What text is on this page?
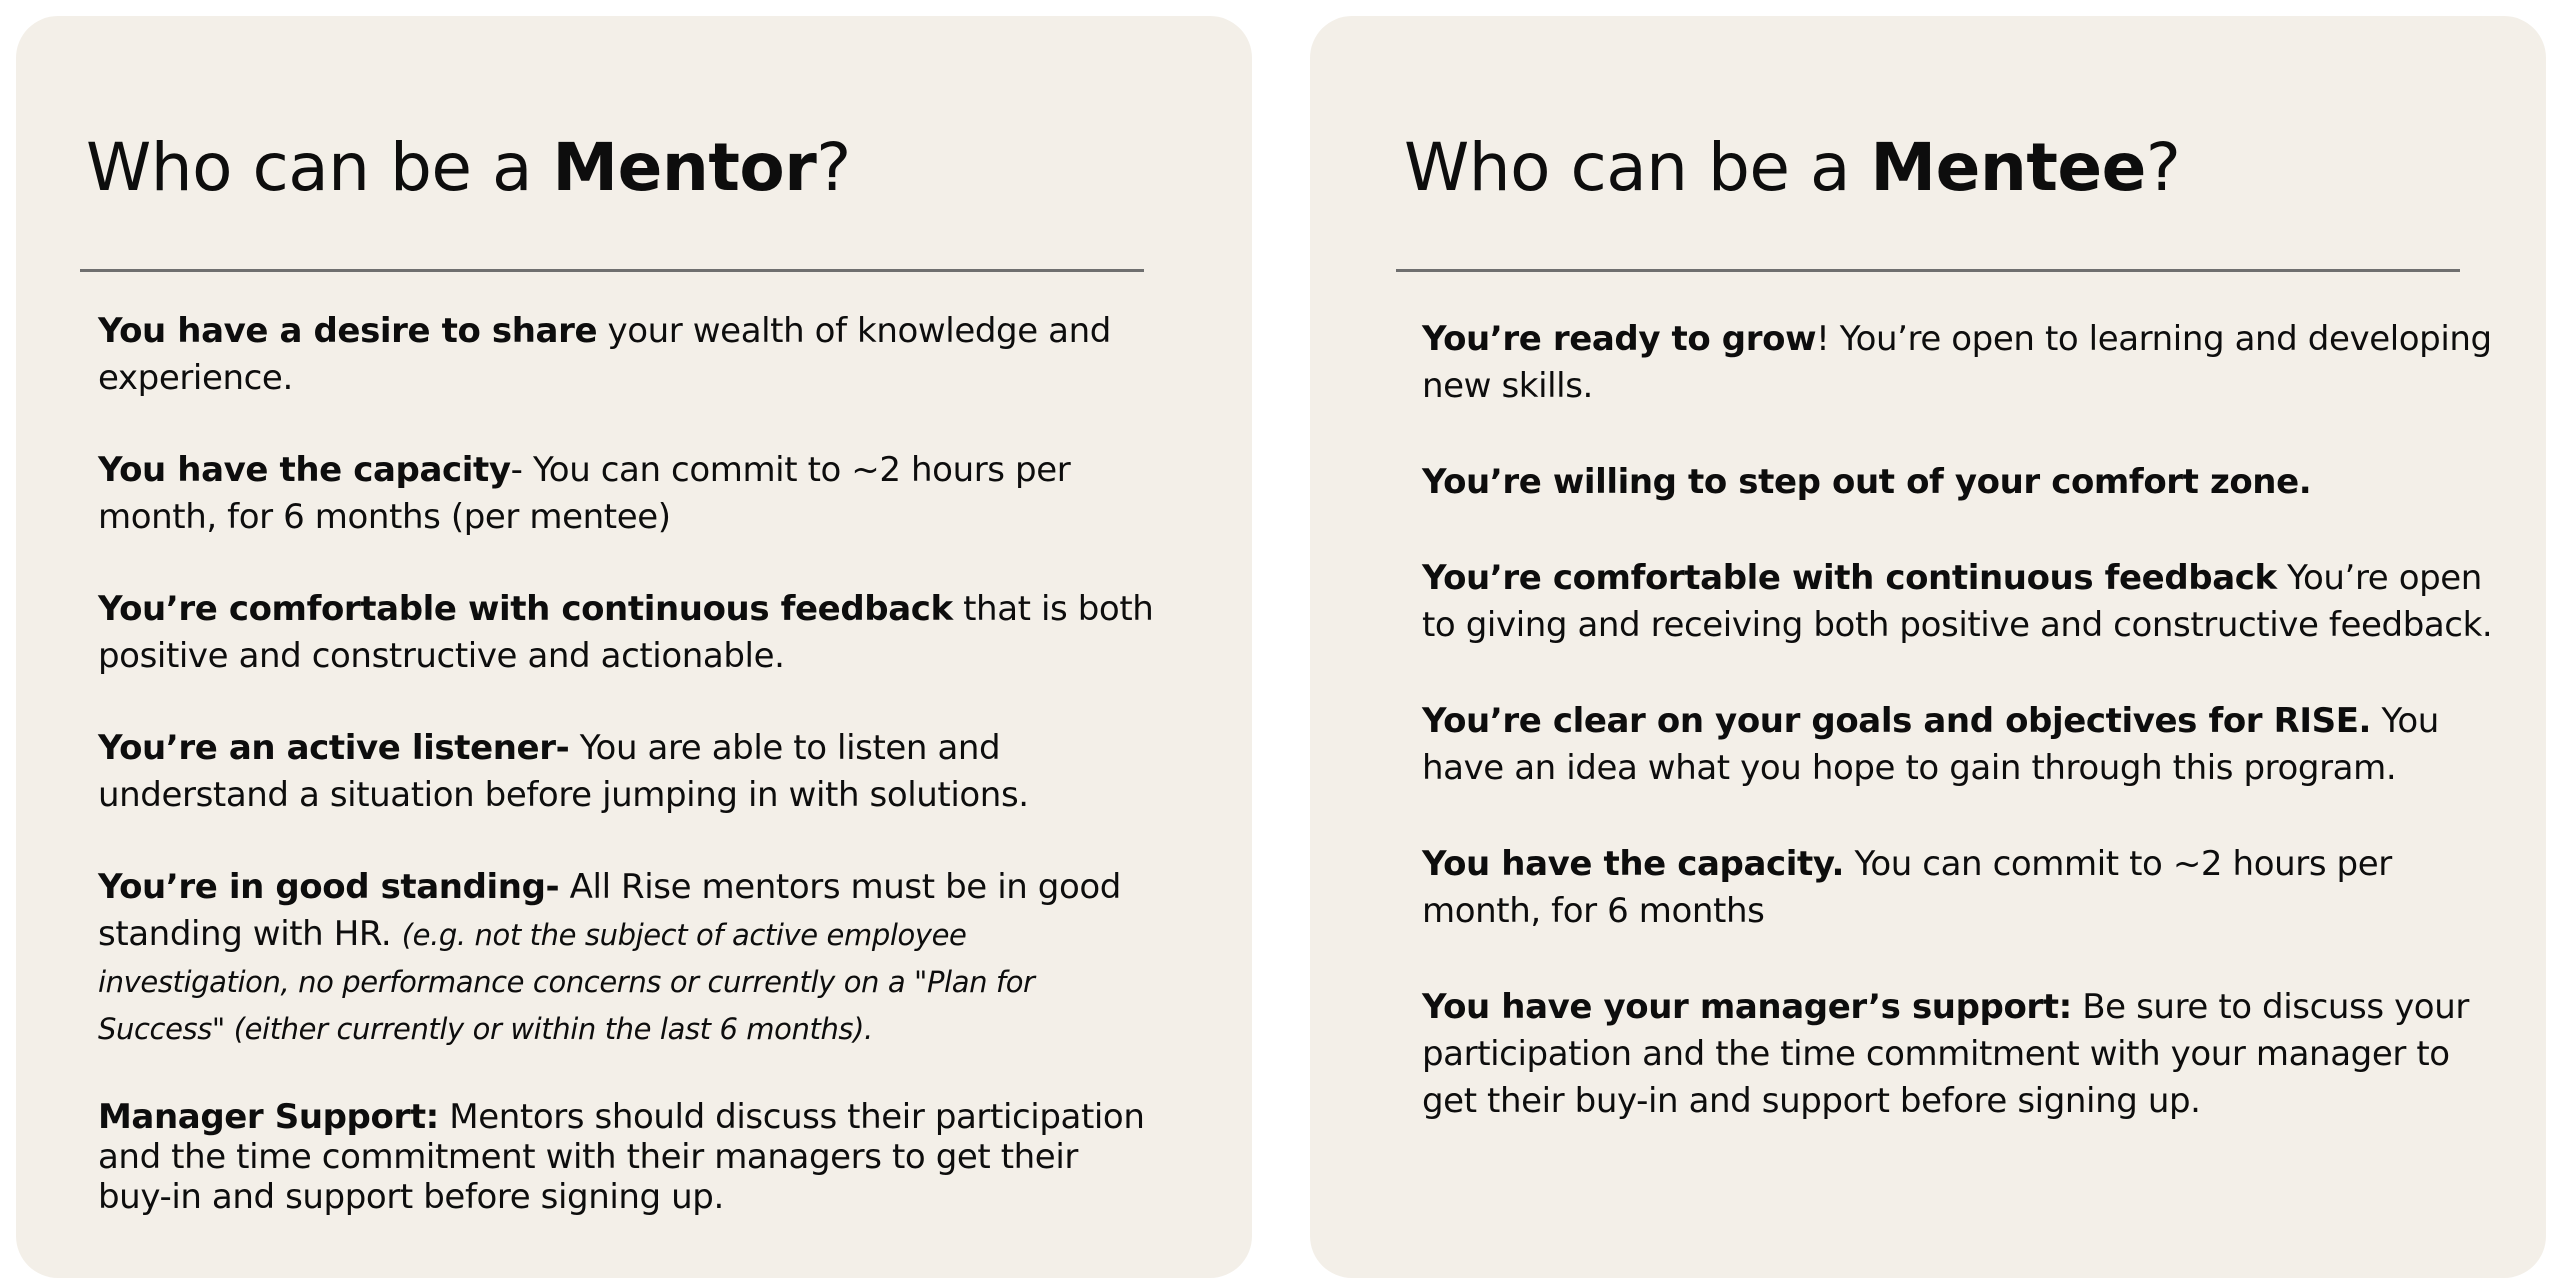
Who can be a Mentor?
You have a desire to share your wealth of knowledge and experience.
You have the capacity- You can commit to ~2 hours per month, for 6 months (per mentee)
You’re comfortable with continuous feedback that is both positive and constructive and actionable.
You’re an active listener- You are able to listen and understand a situation before jumping in with solutions.
You’re in good standing- All Rise mentors must be in good standing with HR. (e.g. not the subject of active employee investigation, no performance concerns or currently on a "Plan for Success" (either currently or within the last 6 months).
Manager Support: Mentors should discuss their participation and the time commitment with their managers to get their buy-in and support before signing up.
Who can be a Mentee?
You’re ready to grow! You’re open to learning and developing new skills.
You’re willing to step out of your comfort zone.
You’re comfortable with continuous feedback You’re open to giving and receiving both positive and constructive feedback.
You’re clear on your goals and objectives for RISE. You have an idea what you hope to gain through this program.
You have the capacity. You can commit to ~2 hours per month, for 6 months
You have your manager’s support: Be sure to discuss your participation and the time commitment with your manager to get their buy-in and support before signing up.
